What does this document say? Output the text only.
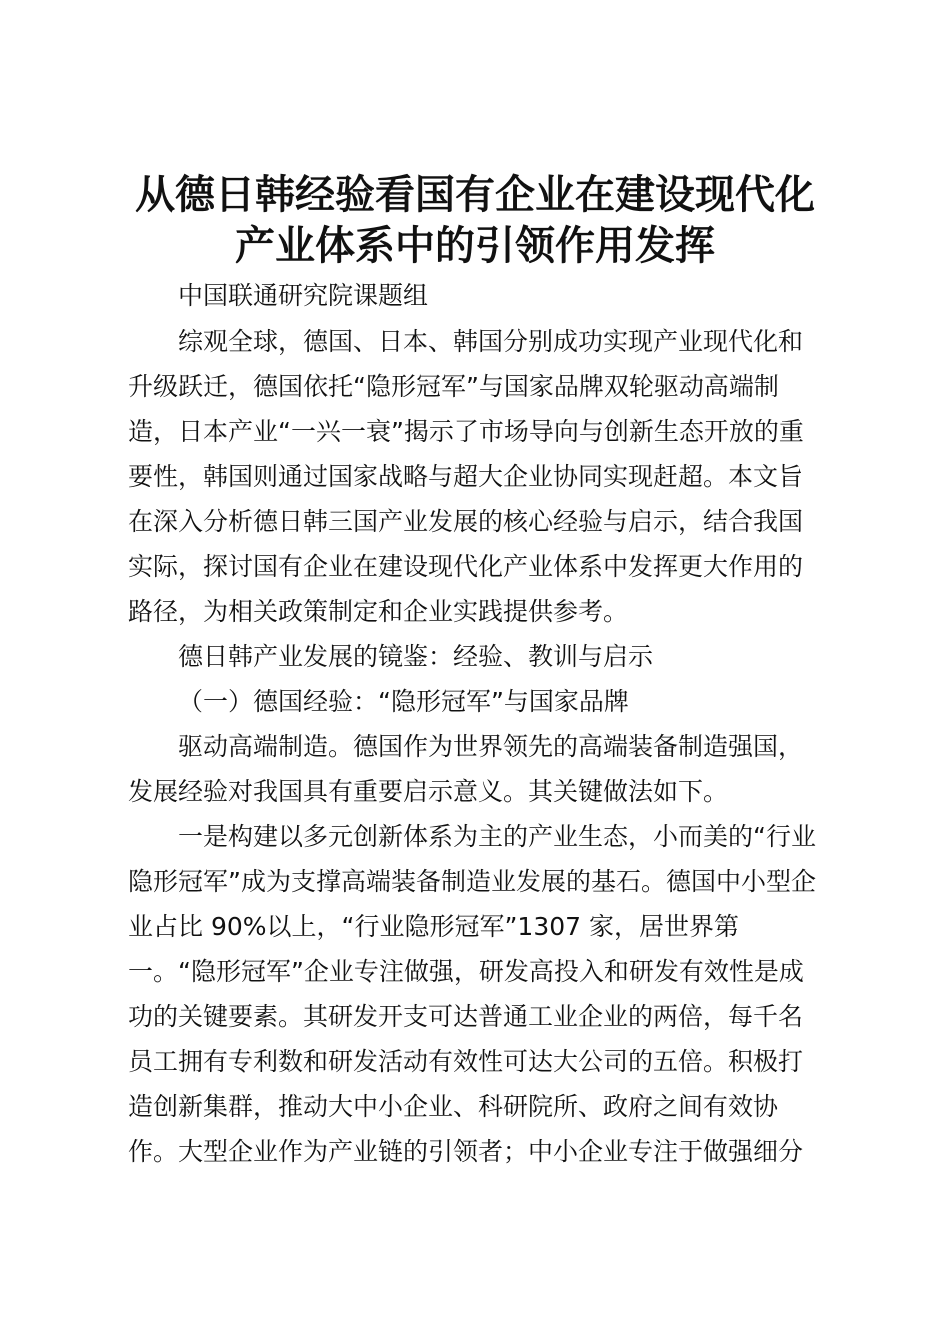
从德日韩经验看国有企业在建设现代化
产业体系中的引领作用发挥

中国联通研究院课题组

综观全球，德国、日本、韩国分别成功实现产业现代化和

升级跃迁，德国依托“隐形冠军”与国家品牌双轮驱动高端制

造，日本产业“一兴一衰”揭示了市场导向与创新生态开放的重

要性，韩国则通过国家战略与超大企业协同实现赶超。本文旨

在深入分析德日韩三国产业发展的核心经验与启示，结合我国

实际，探讨国有企业在建设现代化产业体系中发挥更大作用的

路径，为相关政策制定和企业实践提供参考。

德日韩产业发展的镜鉴：经验、教训与启示

（一）德国经验：“隐形冠军”与国家品牌

驱动高端制造。德国作为世界领先的高端装备制造强国，

发展经验对我国具有重要启示意义。其关键做法如下。

一是构建以多元创新体系为主的产业生态，小而美的“行业

隐形冠军”成为支撑高端装备制造业发展的基石。德国中小型企

业占比 90%以上，“行业隐形冠军”1307 家，居世界第

一。“隐形冠军”企业专注做强，研发高投入和研发有效性是成

功的关键要素。其研发开支可达普通工业企业的两倍，每千名

员工拥有专利数和研发活动有效性可达大公司的五倍。积极打

造创新集群，推动大中小企业、科研院所、政府之间有效协

作。大型企业作为产业链的引领者；中小企业专注于做强细分
